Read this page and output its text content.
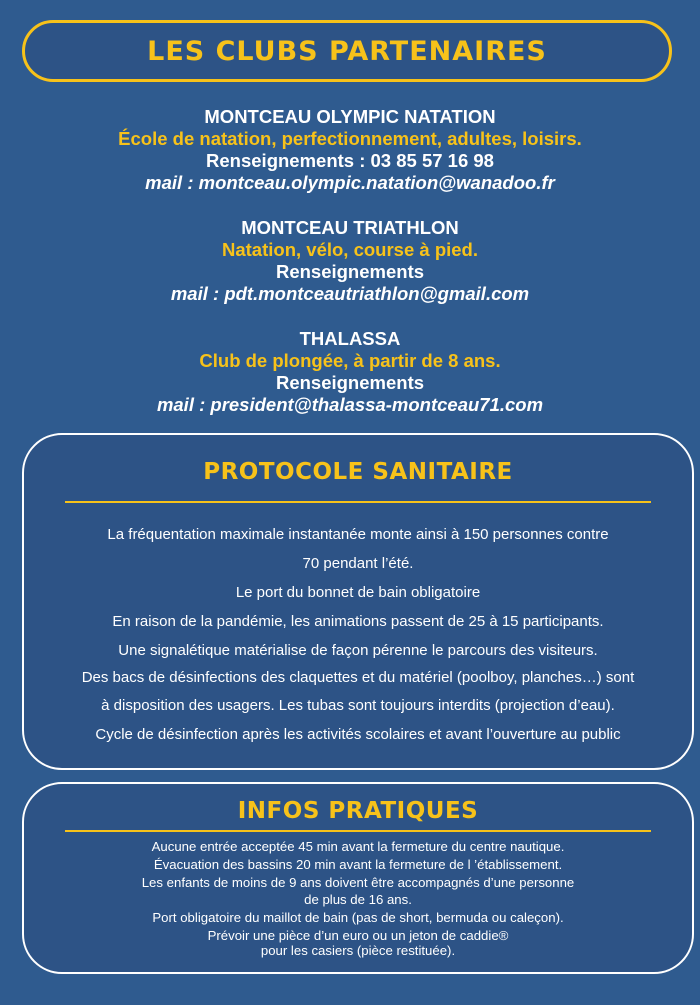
LES CLUBS PARTENAIRES
MONTCEAU OLYMPIC NATATION
École de natation, perfectionnement, adultes, loisirs.
Renseignements : 03 85 57 16 98
mail : montceau.olympic.natation@wanadoo.fr
MONTCEAU TRIATHLON
Natation, vélo, course à pied.
Renseignements
mail : pdt.montceautriathlon@gmail.com
THALASSA
Club de plongée, à partir de 8 ans.
Renseignements
mail : president@thalassa-montceau71.com
PROTOCOLE SANITAIRE
La fréquentation maximale instantanée monte ainsi à 150 personnes contre
70 pendant l’été.
Le port du bonnet de bain obligatoire
En raison de la pandémie, les animations passent de 25 à 15 participants.
Une signalétique matérialise de façon pérenne le parcours des visiteurs.
Des bacs de désinfections des claquettes et du matériel (poolboy, planches…) sont
à disposition des usagers. Les tubas sont toujours interdits (projection d’eau).
Cycle de désinfection après les activités scolaires et avant l’ouverture au public
INFOS PRATIQUES
Aucune entrée acceptée 45 min avant la fermeture du centre nautique.
Évacuation des bassins 20 min avant la fermeture de l ’établissement.
Les enfants de moins de 9 ans doivent être accompagnés d’une personne
de plus de 16 ans.
Port obligatoire du maillot de bain (pas de short, bermuda ou caleçon).
Prévoir une pièce d’un euro ou un jeton de caddie®
pour les casiers (pièce restituée).
